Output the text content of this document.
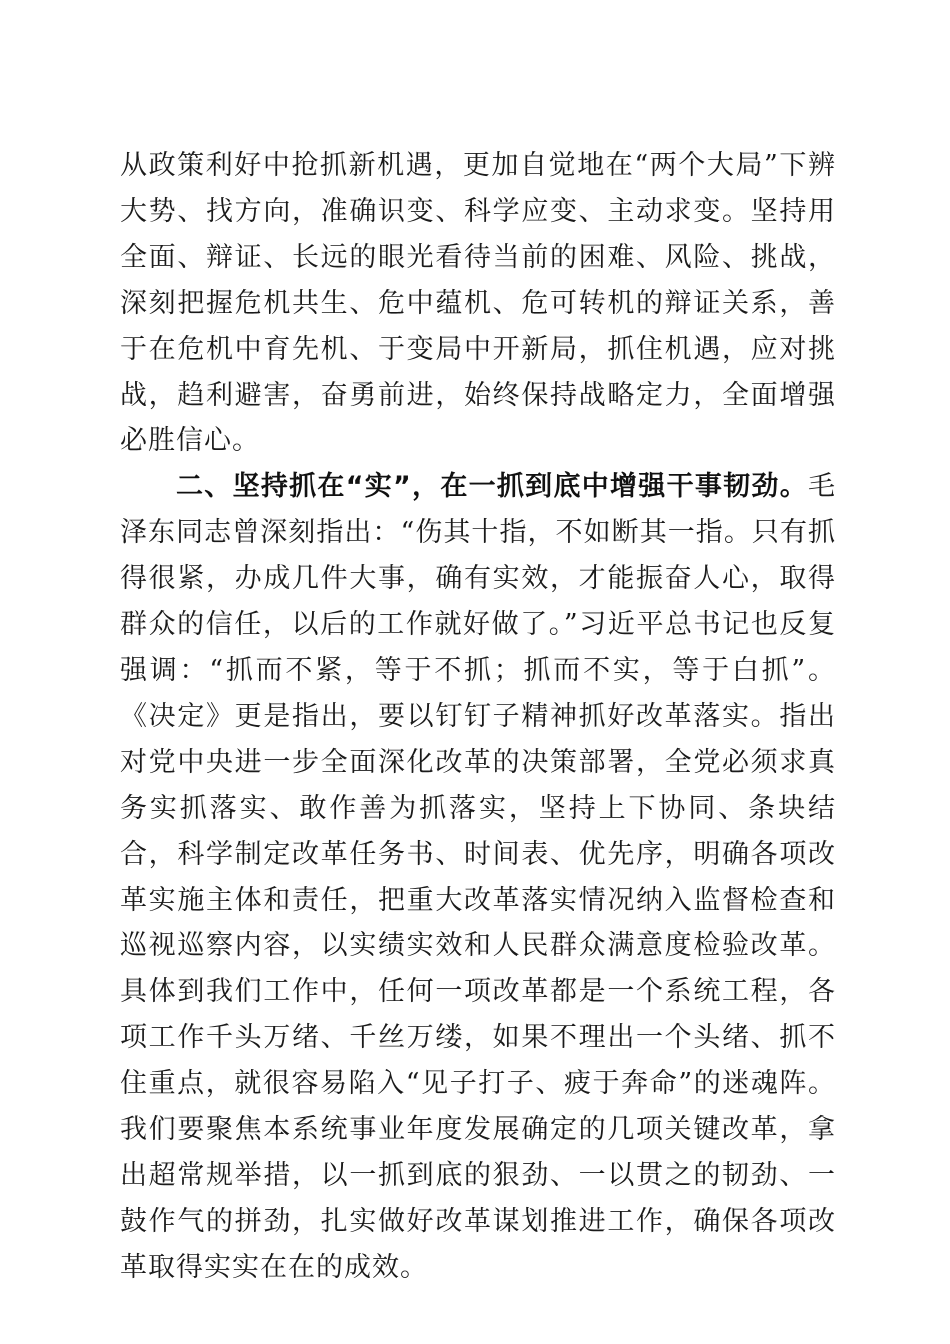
从政策利好中抢抓新机遇，更加自觉地在“两个大局”下辨大势、找方向，准确识变、科学应变、主动求变。坚持用全面、辩证、长远的眼光看待当前的困难、风险、挑战，深刻把握危机共生、危中蕴机、危可转机的辩证关系，善于在危机中育先机、于变局中开新局，抓住机遇，应对挑战，趋利避害，奋勇前进，始终保持战略定力，全面增强必胜信心。

二、坚持抓在“实”，在一抓到底中增强干事韧劲。毛泽东同志曾深刻指出：“伤其十指，不如断其一指。只有抓得很紧，办成几件大事，确有实效，才能振奋人心，取得群众的信任，以后的工作就好做了。”习近平总书记也反复强调：“抓而不紧，等于不抓；抓而不实，等于白抓”。《决定》更是指出，要以钉钉子精神抓好改革落实。指出对党中央进一步全面深化改革的决策部署，全党必须求真务实抓落实、敢作善为抓落实，坚持上下协同、条块结合，科学制定改革任务书、时间表、优先序，明确各项改革实施主体和责任，把重大改革落实情况纳入监督检查和巡视巡察内容，以实绩实效和人民群众满意度检验改革。具体到我们工作中，任何一项改革都是一个系统工程，各项工作千头万绪、千丝万缕，如果不理出一个头绪、抓不住重点，就很容易陷入“见子打子、疲于奔命”的迷魂阵。我们要聚焦本系统事业年度发展确定的几项关键改革，拿出超常规举措，以一抓到底的狠劲、一以贯之的韧劲、一鼓作气的拼劲，扎实做好改革谋划推进工作，确保各项改革取得实实在在的成效。
